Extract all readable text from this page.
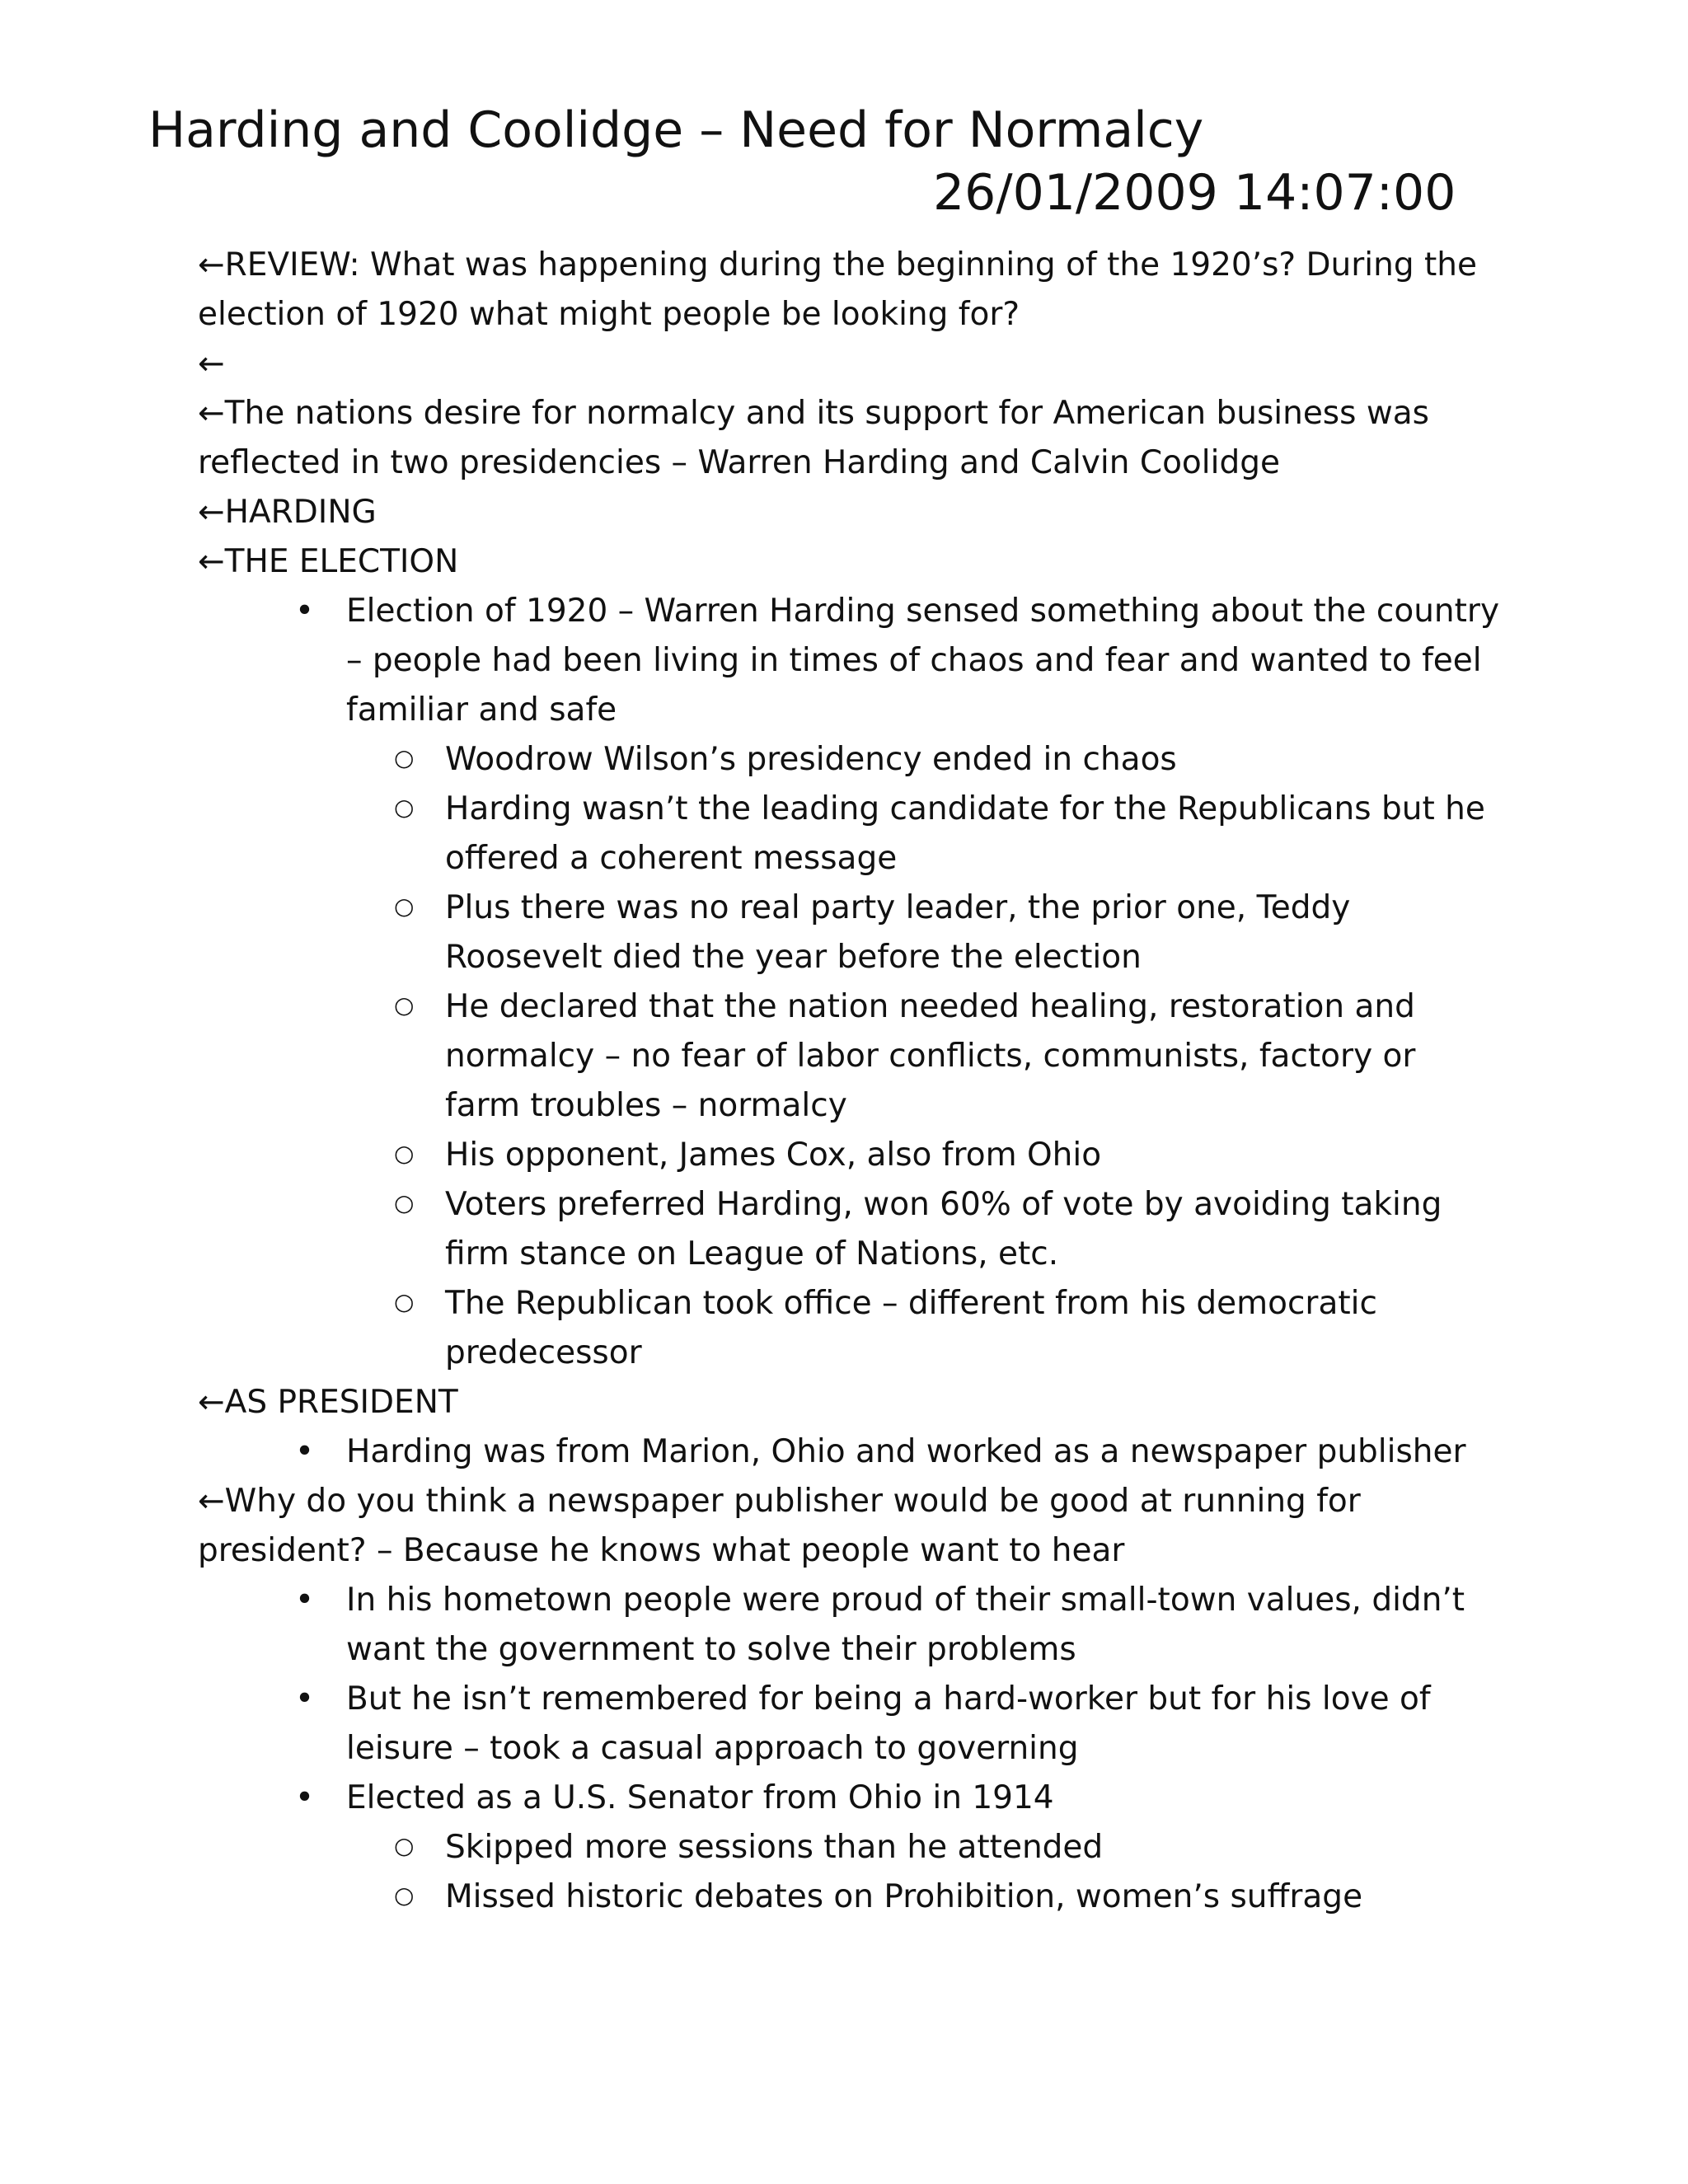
Harding and Coolidge – Need for Normalcy
26/01/2009 14:07:00

←REVIEW: What was happening during the beginning of the 1920’s? During the election of 1920 what might people be looking for?

←

←The nations desire for normalcy and its support for American business was reflected in two presidencies – Warren Harding and Calvin Coolidge

←HARDING

←THE ELECTION

• Election of 1920 – Warren Harding sensed something about the country – people had been living in times of chaos and fear and wanted to feel familiar and safe

○ Woodrow Wilson’s presidency ended in chaos

○ Harding wasn’t the leading candidate for the Republicans but he offered a coherent message

○ Plus there was no real party leader, the prior one, Teddy Roosevelt died the year before the election

○ He declared that the nation needed healing, restoration and normalcy – no fear of labor conflicts, communists, factory or farm troubles – normalcy

○ His opponent, James Cox, also from Ohio

○ Voters preferred Harding, won 60% of vote by avoiding taking firm stance on League of Nations, etc.

○ The Republican took office – different from his democratic predecessor

←AS PRESIDENT

• Harding was from Marion, Ohio and worked as a newspaper publisher

←Why do you think a newspaper publisher would be good at running for president? – Because he knows what people want to hear

• In his hometown people were proud of their small-town values, didn’t want the government to solve their problems

• But he isn’t remembered for being a hard-worker but for his love of leisure – took a casual approach to governing

• Elected as a U.S. Senator from Ohio in 1914

○ Skipped more sessions than he attended

○ Missed historic debates on Prohibition, women’s suffrage
